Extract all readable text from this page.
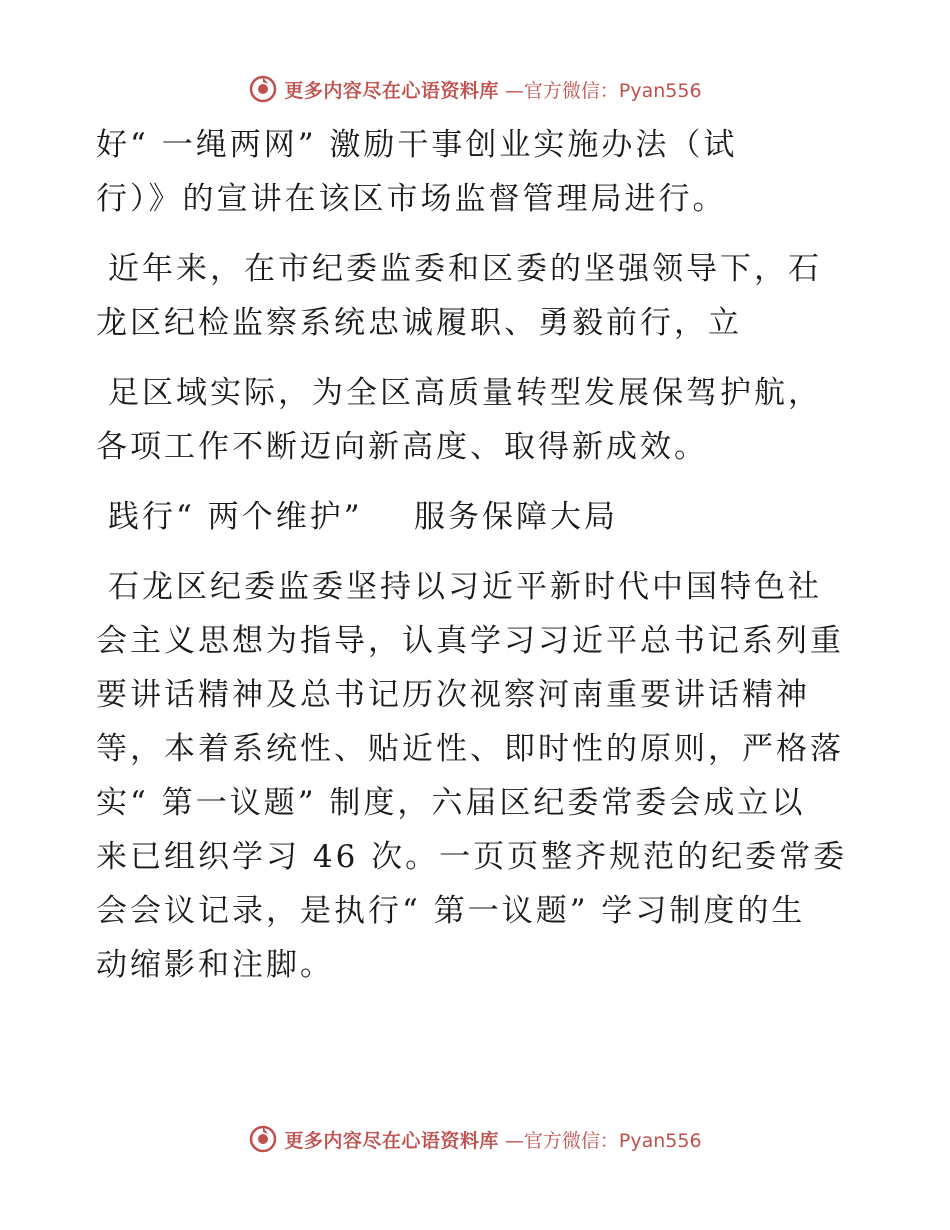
更多内容尽在心语资料库 —官方微信：Pyan556
好“ 一绳两网” 激励干事创业实施办法（试
行）》的宣讲在该区市场监督管理局进行。
近年来，在市纪委监委和区委的坚强领导下，石
龙区纪检监察系统忠诚履职、勇毅前行，立
足区域实际，为全区高质量转型发展保驾护航，
各项工作不断迈向新高度、取得新成效。
践行“ 两个维护”    服务保障大局
石龙区纪委监委坚持以习近平新时代中国特色社
会主义思想为指导，认真学习习近平总书记系列重
要讲话精神及总书记历次视察河南重要讲话精神
等，本着系统性、贴近性、即时性的原则，严格落
实“ 第一议题” 制度，六届区纪委常委会成立以
来已组织学习 46 次。一页页整齐规范的纪委常委
会会议记录，是执行“ 第一议题” 学习制度的生
动缩影和注脚。
更多内容尽在心语资料库 —官方微信：Pyan556
